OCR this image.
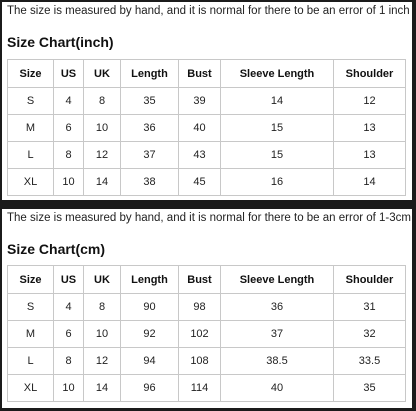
The size is measured by hand, and it is normal for there to be an error of 1 inch
Size Chart(inch)
Size	US	UK	Length	Bust	Sleeve Length	Shoulder
S	4	8	35	39	14	12
M	6	10	36	40	15	13
L	8	12	37	43	15	13
XL	10	14	38	45	16	14
The size is measured by hand, and it is normal for there to be an error of 1-3cm
Size Chart(cm)
Size	US	UK	Length	Bust	Sleeve Length	Shoulder
S	4	8	90	98	36	31
M	6	10	92	102	37	32
L	8	12	94	108	38.5	33.5
XL	10	14	96	114	40	35
